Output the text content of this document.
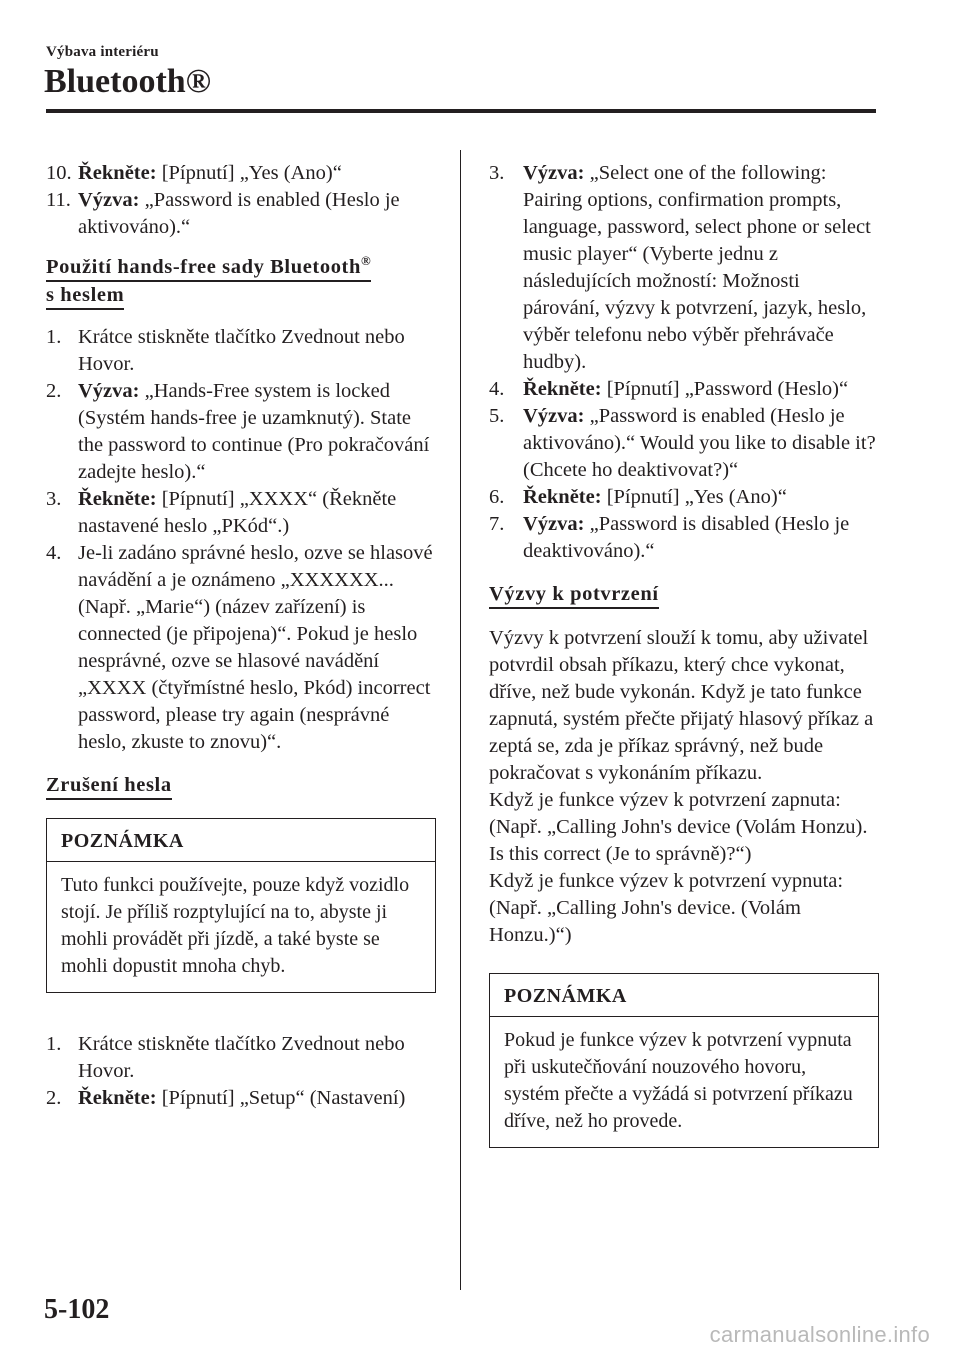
Výbava interiéru
Bluetooth®
10. Řekněte: [Pípnutí] „Yes (Ano)“
11. Výzva: „Password is enabled (Heslo je aktivováno).“
Použití hands-free sady Bluetooth®
s heslem
1. Krátce stiskněte tlačítko Zvednout nebo Hovor.
2. Výzva: „Hands-Free system is locked (Systém hands-free je uzamknutý). State the password to continue (Pro pokračování zadejte heslo).“
3. Řekněte: [Pípnutí] „XXXX“ (Řekněte nastavené heslo „PKód“.)
4. Je-li zadáno správné heslo, ozve se hlasové navádění a je oznámeno „XXXXXX... (Např. „Marie“) (název zařízení) is connected (je připojena)“. Pokud je heslo nesprávné, ozve se hlasové navádění „XXXX (čtyřmístné heslo, Pkód) incorrect password, please try again (nesprávné heslo, zkuste to znovu)“.
Zrušení hesla
POZNÁMKA
Tuto funkci používejte, pouze když vozidlo stojí. Je příliš rozptylující na to, abyste ji mohli provádět při jízdě, a také byste se mohli dopustit mnoha chyb.
1. Krátce stiskněte tlačítko Zvednout nebo Hovor.
2. Řekněte: [Pípnutí] „Setup“ (Nastavení)
3. Výzva: „Select one of the following: Pairing options, confirmation prompts, language, password, select phone or select music player“ (Vyberte jednu z následujících možností: Možnosti párování, výzvy k potvrzení, jazyk, heslo, výběr telefonu nebo výběr přehrávače hudby).
4. Řekněte: [Pípnutí] „Password (Heslo)“
5. Výzva: „Password is enabled (Heslo je aktivováno).“ Would you like to disable it? (Chcete ho deaktivovat?)“
6. Řekněte: [Pípnutí] „Yes (Ano)“
7. Výzva: „Password is disabled (Heslo je deaktivováno).“
Výzvy k potvrzení
Výzvy k potvrzení slouží k tomu, aby uživatel potvrdil obsah příkazu, který chce vykonat, dříve, než bude vykonán. Když je tato funkce zapnutá, systém přečte přijatý hlasový příkaz a zeptá se, zda je příkaz správný, než bude pokračovat s vykonáním příkazu.
Když je funkce výzev k potvrzení zapnuta: (Např. „Calling John's device (Volám Honzu). Is this correct (Je to správně)?“)
Když je funkce výzev k potvrzení vypnuta: (Např. „Calling John's device. (Volám Honzu.)“)
POZNÁMKA
Pokud je funkce výzev k potvrzení vypnuta při uskutečňování nouzového hovoru, systém přečte a vyžádá si potvrzení příkazu dříve, než ho provede.
5-102
carmanualsonline.info
